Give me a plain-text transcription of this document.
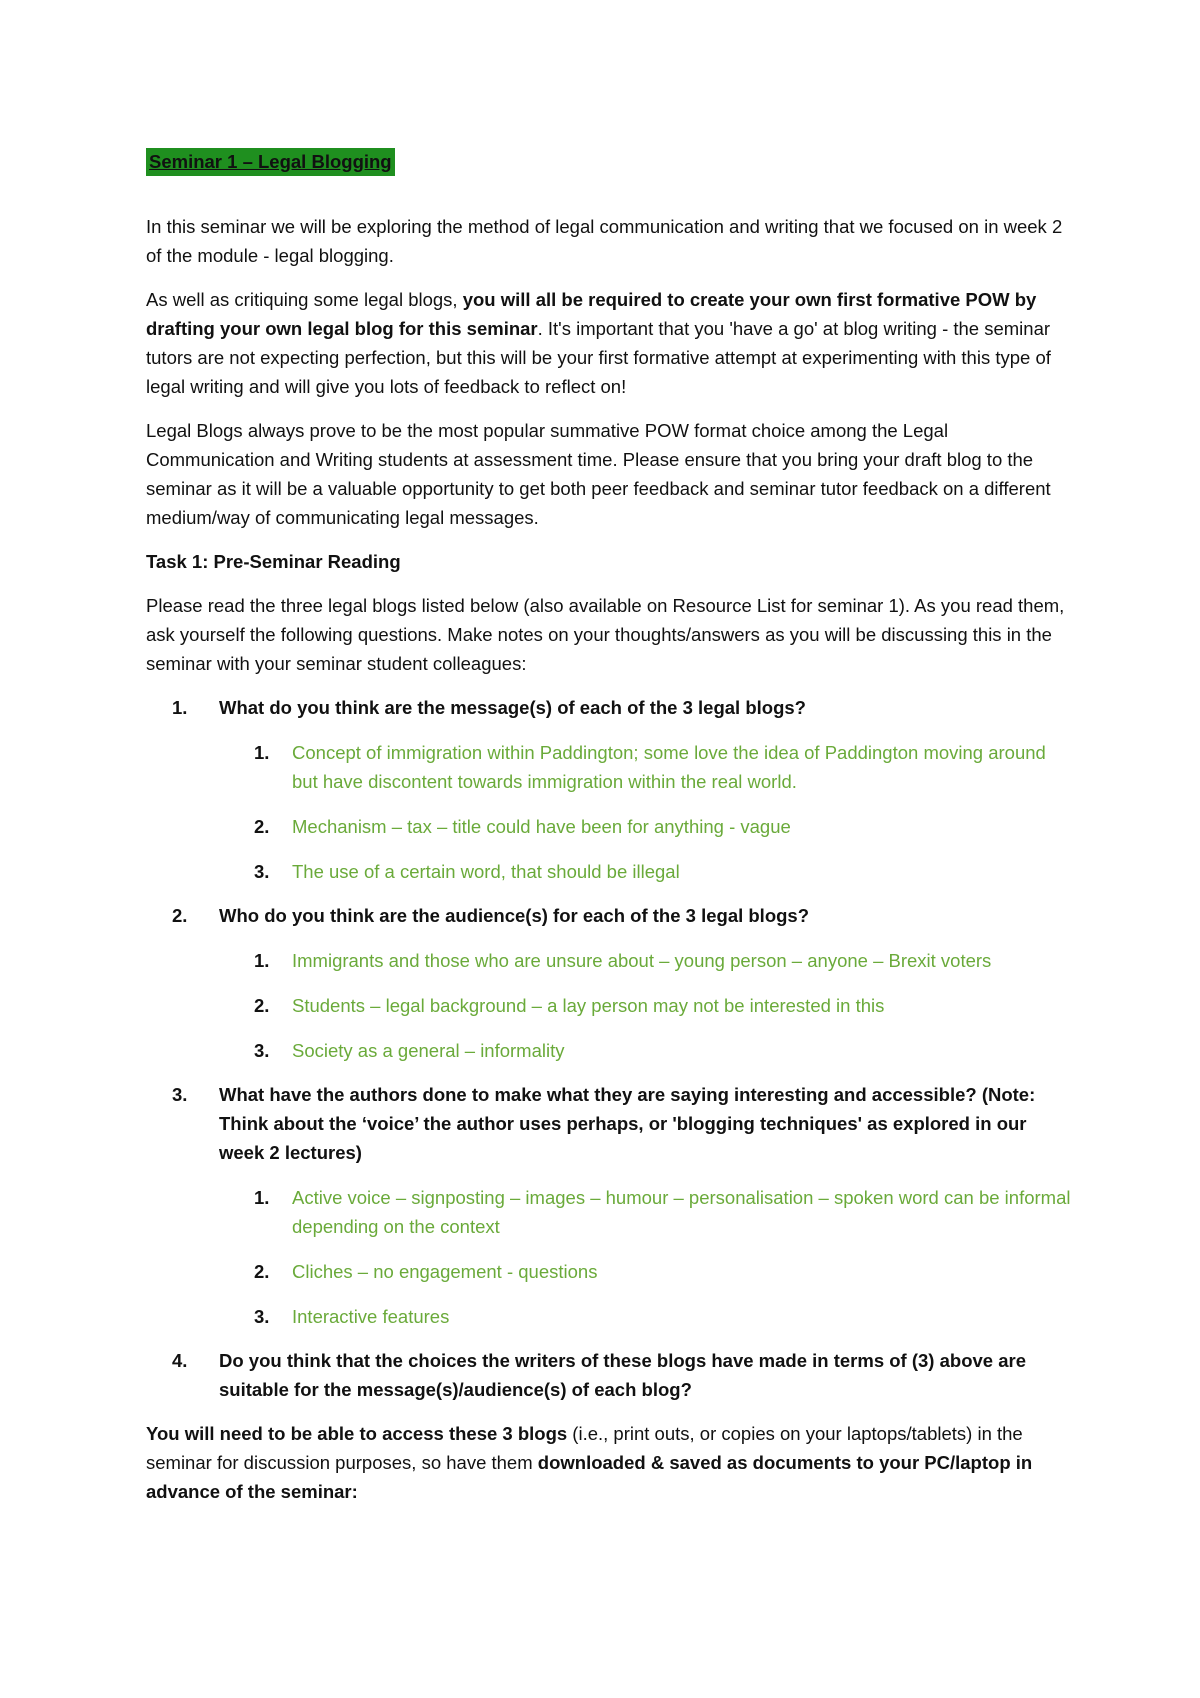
Seminar 1 – Legal Blogging

In this seminar we will be exploring the method of legal communication and writing that we focused on in week 2 of the module - legal blogging.

As well as critiquing some legal blogs, you will all be required to create your own first formative POW by drafting your own legal blog for this seminar. It's important that you 'have a go' at blog writing - the seminar tutors are not expecting perfection, but this will be your first formative attempt at experimenting with this type of legal writing and will give you lots of feedback to reflect on!

Legal Blogs always prove to be the most popular summative POW format choice among the Legal Communication and Writing students at assessment time. Please ensure that you bring your draft blog to the seminar as it will be a valuable opportunity to get both peer feedback and seminar tutor feedback on a different medium/way of communicating legal messages.

Task 1: Pre-Seminar Reading

Please read the three legal blogs listed below (also available on Resource List for seminar 1). As you read them, ask yourself the following questions. Make notes on your thoughts/answers as you will be discussing this in the seminar with your seminar student colleagues:

1. What do you think are the message(s) of each of the 3 legal blogs?
1. Concept of immigration within Paddington; some love the idea of Paddington moving around but have discontent towards immigration within the real world.
2. Mechanism – tax – title could have been for anything - vague
3. The use of a certain word, that should be illegal
2. Who do you think are the audience(s) for each of the 3 legal blogs?
1. Immigrants and those who are unsure about – young person – anyone – Brexit voters
2. Students – legal background – a lay person may not be interested in this
3. Society as a general – informality
3. What have the authors done to make what they are saying interesting and accessible? (Note: Think about the ‘voice’ the author uses perhaps, or 'blogging techniques' as explored in our week 2 lectures)
1. Active voice – signposting – images – humour – personalisation – spoken word can be informal depending on the context
2. Cliches – no engagement - questions
3. Interactive features
4. Do you think that the choices the writers of these blogs have made in terms of (3) above are suitable for the message(s)/audience(s) of each blog?

You will need to be able to access these 3 blogs (i.e., print outs, or copies on your laptops/tablets) in the seminar for discussion purposes, so have them downloaded & saved as documents to your PC/laptop in advance of the seminar:
